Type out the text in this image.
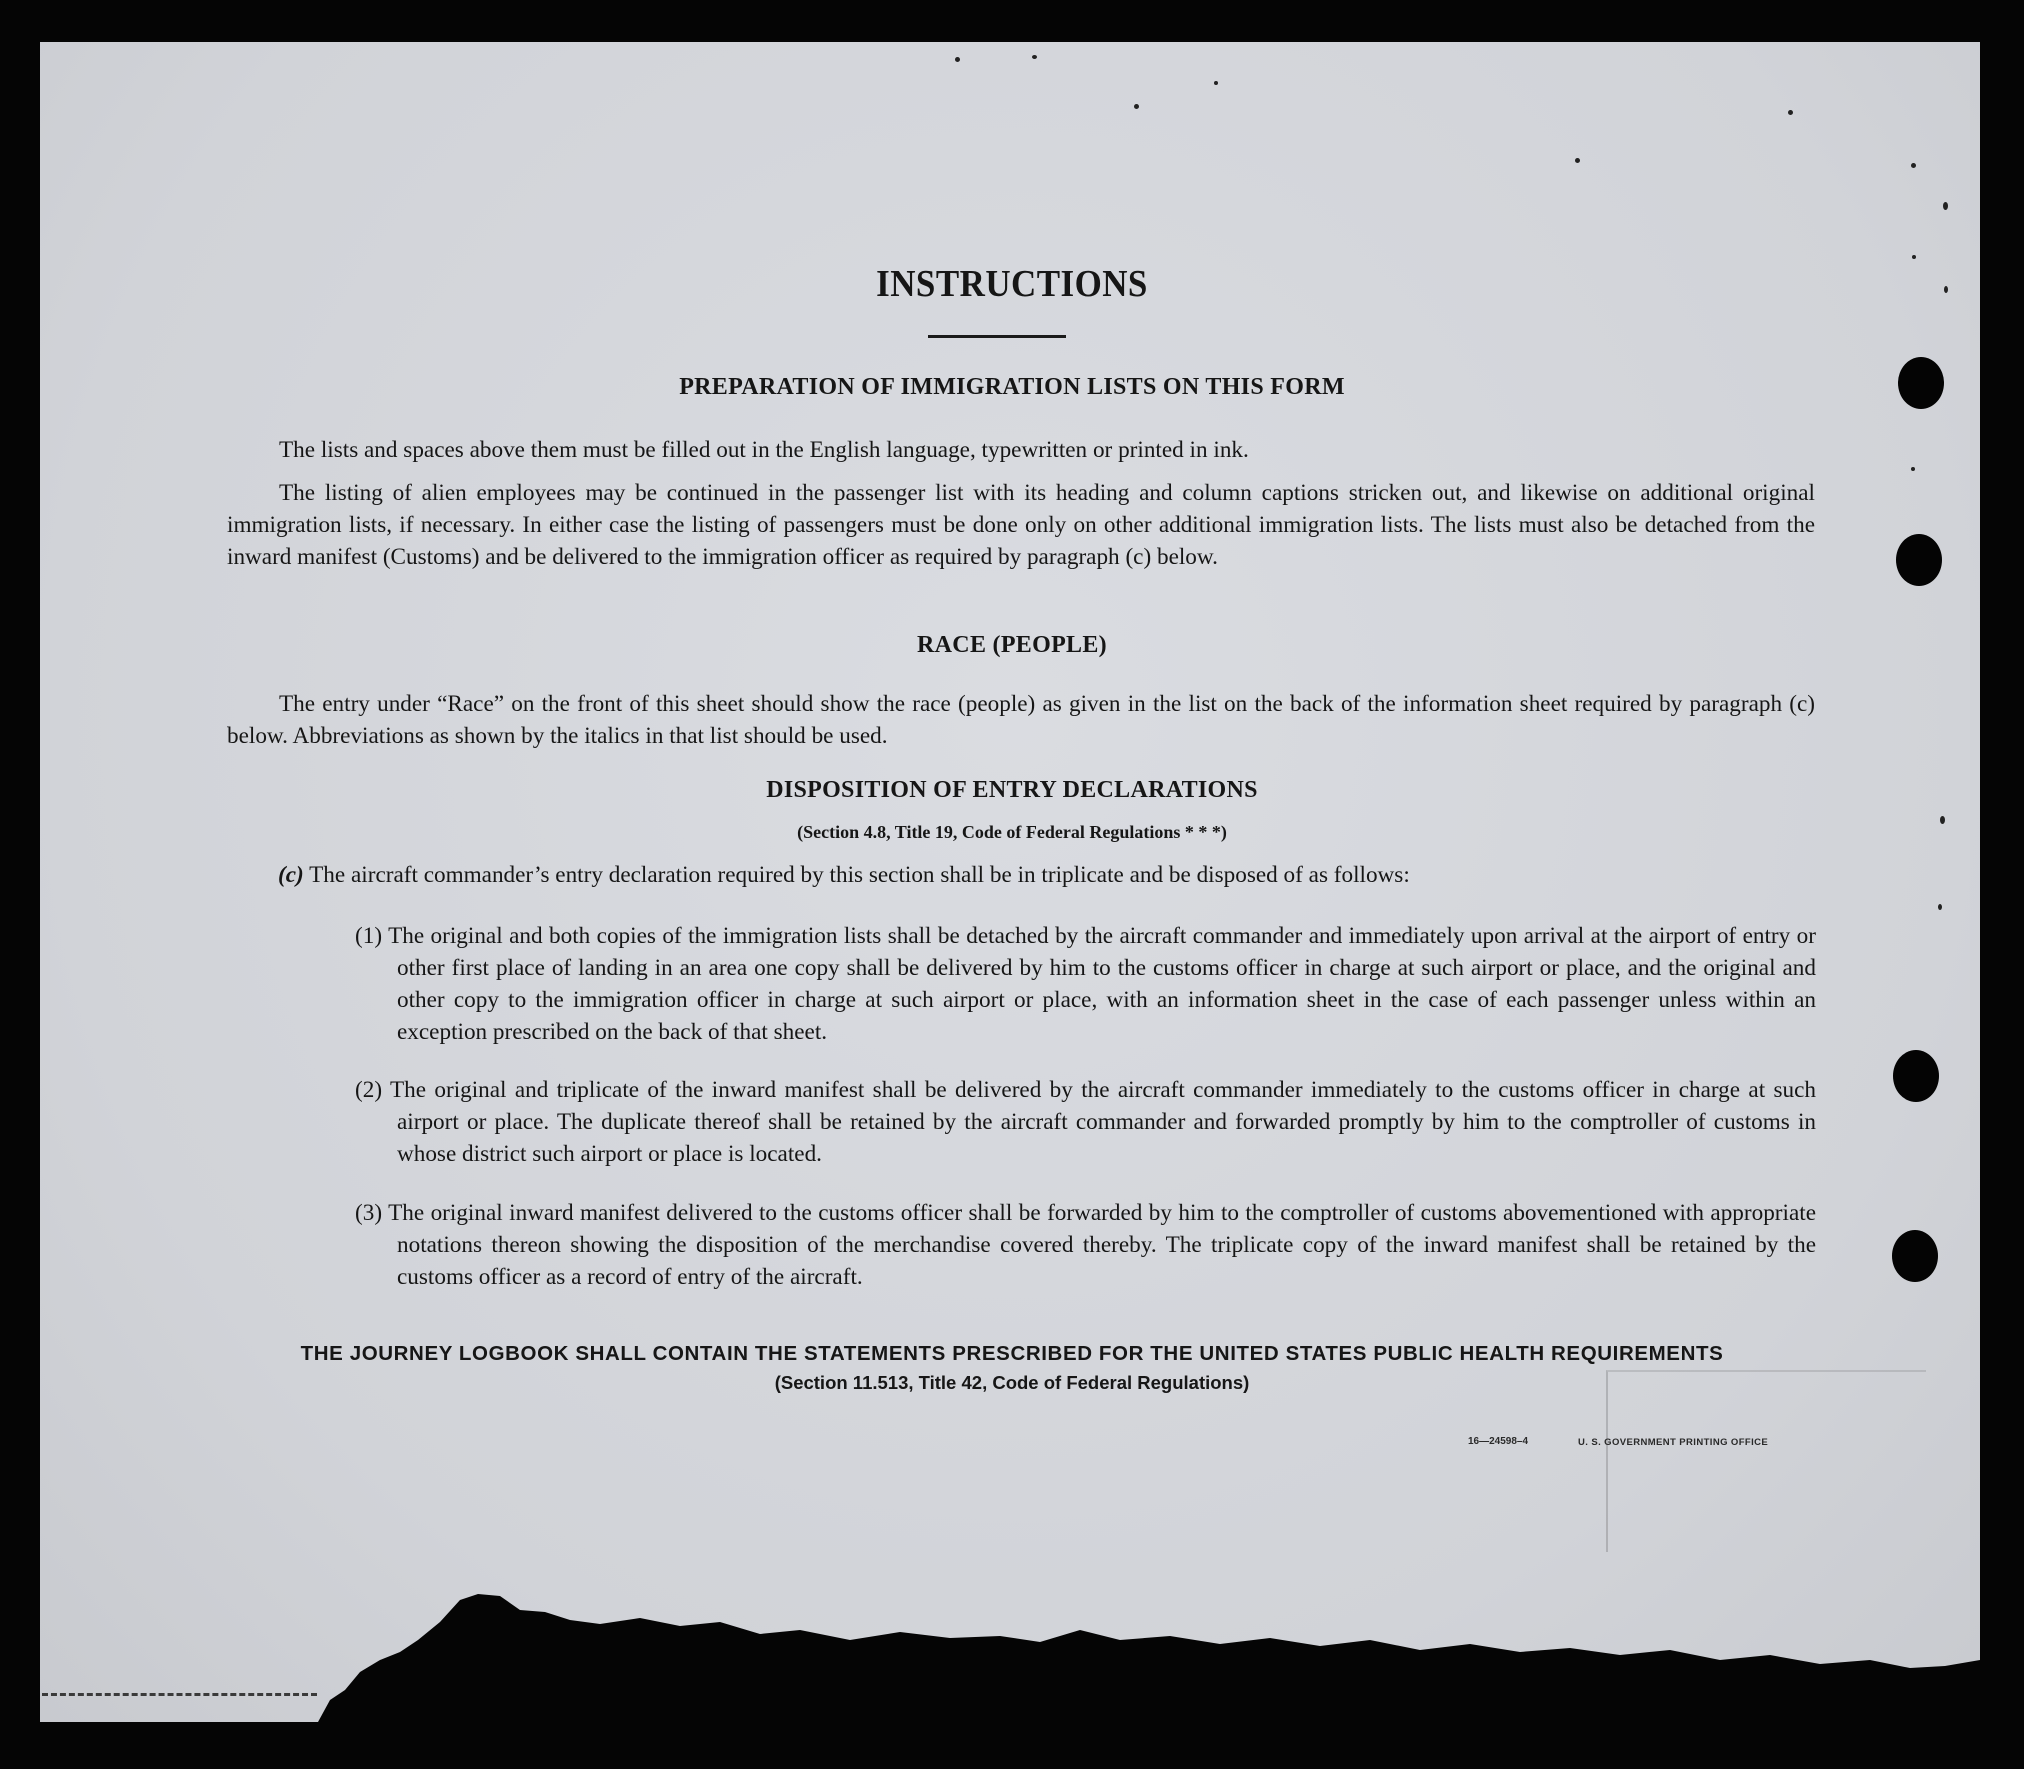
INSTRUCTIONS
PREPARATION OF IMMIGRATION LISTS ON THIS FORM
The lists and spaces above them must be filled out in the English language, typewritten or printed in ink.
The listing of alien employees may be continued in the passenger list with its heading and column captions stricken out, and likewise on additional original immigration lists, if necessary. In either case the listing of passengers must be done only on other additional immigration lists. The lists must also be detached from the inward manifest (Customs) and be delivered to the immigration officer as required by paragraph (c) below.
RACE (PEOPLE)
The entry under “Race” on the front of this sheet should show the race (people) as given in the list on the back of the information sheet required by paragraph (c) below. Abbreviations as shown by the italics in that list should be used.
DISPOSITION OF ENTRY DECLARATIONS
(Section 4.8, Title 19, Code of Federal Regulations * * *)
(c) The aircraft commander’s entry declaration required by this section shall be in triplicate and be disposed of as follows:
(1) The original and both copies of the immigration lists shall be detached by the aircraft commander and immediately upon arrival at the airport of entry or other first place of landing in an area one copy shall be delivered by him to the customs officer in charge at such airport or place, and the original and other copy to the immigration officer in charge at such airport or place, with an information sheet in the case of each passenger unless within an exception prescribed on the back of that sheet.
(2) The original and triplicate of the inward manifest shall be delivered by the aircraft commander immediately to the customs officer in charge at such airport or place. The duplicate thereof shall be retained by the aircraft commander and forwarded promptly by him to the comptroller of customs in whose district such airport or place is located.
(3) The original inward manifest delivered to the customs officer shall be forwarded by him to the comptroller of customs abovementioned with appropriate notations thereon showing the disposition of the merchandise covered thereby. The triplicate copy of the inward manifest shall be retained by the customs officer as a record of entry of the aircraft.
THE JOURNEY LOGBOOK SHALL CONTAIN THE STATEMENTS PRESCRIBED FOR THE UNITED STATES PUBLIC HEALTH REQUIREMENTS
(Section 11.513, Title 42, Code of Federal Regulations)
16—24598–4	U. S. GOVERNMENT PRINTING OFFICE
